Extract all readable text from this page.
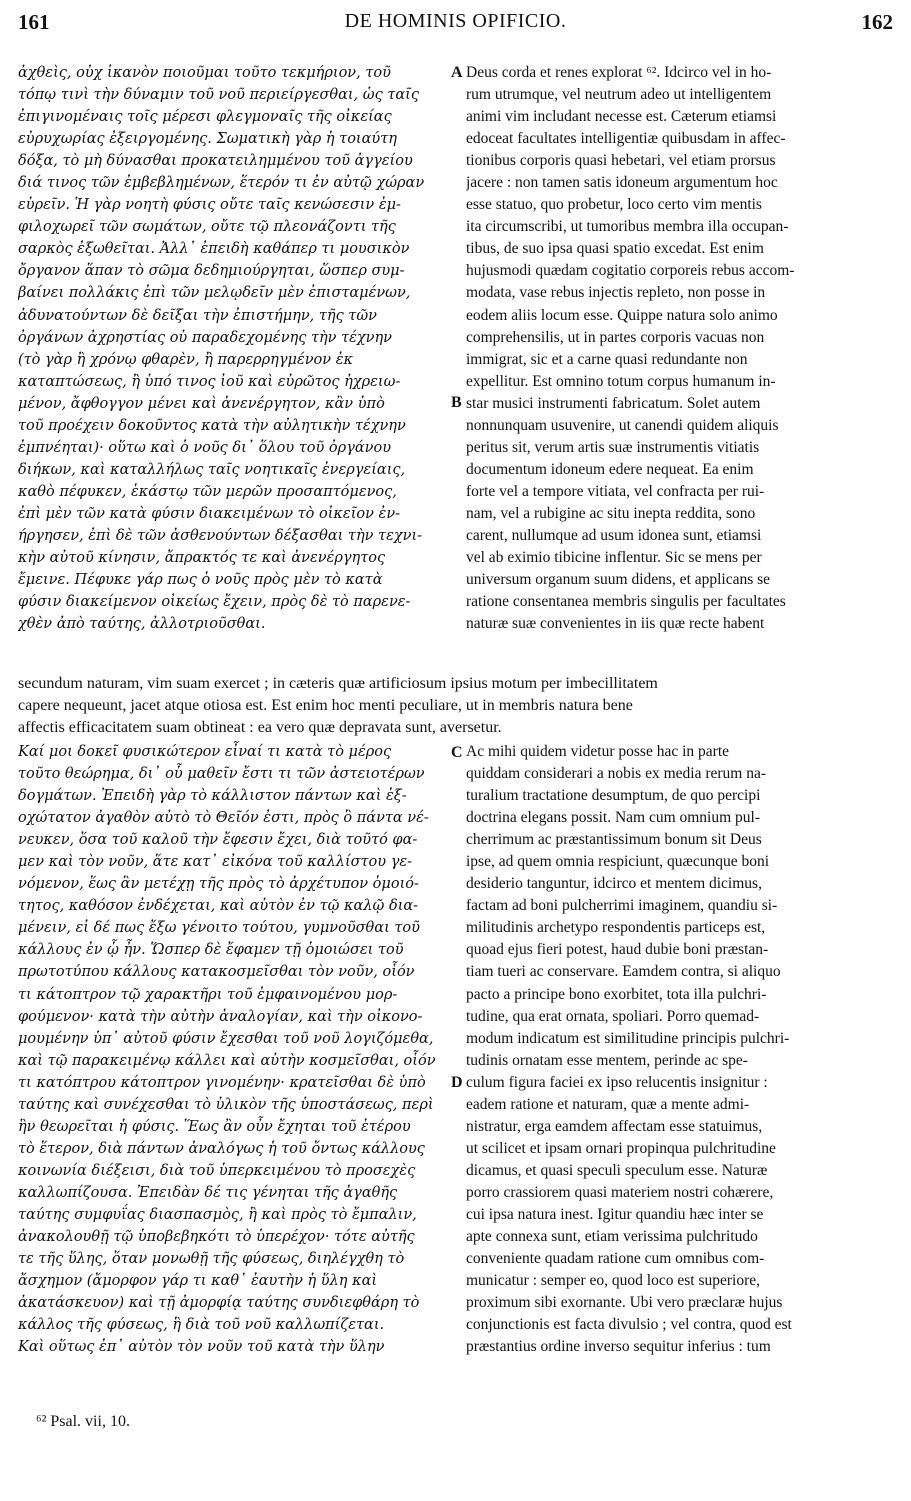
161	DE HOMINIS OPIFICIO.	162
ἀχθεὶς, οὐχ ἱκανὸν ποιοῦμαι τοῦτο τεκμήριον, τοῦ
τόπῳ τινὶ τὴν δύναμιν τοῦ νοῦ περιείργεσθαι, ὡς ταῖς
ἐπιγινομέναις τοῖς μέρεσι φλεγμοναῖς τῆς οἰκείας
εὐρυχωρίας ἐξειργομένης. Σωματικὴ γὰρ ἡ τοιαύτη
δόξα, τὸ μὴ δύνασθαι προκατειλημμένου τοῦ ἀγγείου
διά τινος τῶν ἐμβεβλημένων, ἕτερόν τι ἐν αὐτῷ χώραν
εὑρεῖν. Ἡ γὰρ νοητὴ φύσις οὔτε ταῖς κενώσεσιν ἐμ-
φιλοχωρεῖ τῶν σωμάτων, οὔτε τῷ πλεονάζοντι τῆς
σαρκὸς ἐξωθεῖται. Ἀλλ᾽ ἐπειδὴ καθάπερ τι μουσικὸν
ὄργανον ἅπαν τὸ σῶμα δεδημιούργηται, ὥσπερ συμ-
βαίνει πολλάκις ἐπὶ τῶν μελῳδεῖν μὲν ἐπισταμένων,
ἀδυνατούντων δὲ δεῖξαι τὴν ἐπιστήμην, τῆς τῶν
ὀργάνων ἀχρηστίας οὐ παραδεχομένης τὴν τέχνην
(τὸ γὰρ ἢ χρόνῳ φθαρὲν, ἢ παρερρηγμένον ἐκ
καταπτώσεως, ἢ ὑπό τινος ἰοῦ καὶ εὐρῶτος ἠχρειω-
μένον, ἄφθογγον μένει καὶ ἀνενέργητον, κἂν ὑπὸ
τοῦ προέχειν δοκοῦντος κατὰ τὴν αὐλητικὴν τέχνην
ἐμπνέηται)· οὕτω καὶ ὁ νοῦς δι᾽ ὅλου τοῦ ὀργάνου
διήκων, καὶ καταλλήλως ταῖς νοητικαῖς ἐνεργείαις,
καθὸ πέφυκεν, ἑκάστῳ τῶν μερῶν προσαπτόμενος,
ἐπὶ μὲν τῶν κατὰ φύσιν διακειμένων τὸ οἰκεῖον ἐν-
ήργησεν, ἐπὶ δὲ τῶν ἀσθενούντων δέξασθαι τὴν τεχνι-
κὴν αὐτοῦ κίνησιν, ἄπρακτός τε καὶ ἀνενέργητος
ἔμεινε. Πέφυκε γάρ πως ὁ νοῦς πρὸς μὲν τὸ κατὰ
φύσιν διακείμενον οἰκείως ἔχειν, πρὸς δὲ τὸ παρενε-
χθὲν ἀπὸ ταύτης, ἀλλοτριοῦσθαι.
Deus corda et renes explorat ⁶². Idcirco vel in ho-
rum utrumque, vel neutrum adeo ut intelligentem
animi vim includant necesse est. Cæterum etiamsi
edoceat facultates intelligentiæ quibusdam in affec-
tionibus corporis quasi hebetari, vel etiam prorsus
jacere : non tamen satis idoneum argumentum hoc
esse statuo, quo probetur, loco certo vim mentis
ita circumscribi, ut tumoribus membra illa occupan-
tibus, de suo ipsa quasi spatio excedat. Est enim
hujusmodi quædam cogitatio corporeis rebus accom-
modata, vase rebus injectis repleto, non posse in
eodem aliis locum esse. Quippe natura solo animo
comprehensilis, ut in partes corporis vacuas non
immigrat, sic et a carne quasi redundante non
expellitur. Est omnino totum corpus humanum in-
star musici instrumenti fabricatum. Solet autem
nonnunquam usuvenire, ut canendi quidem aliquis
peritus sit, verum artis suæ instrumentis vitiatis
documentum idoneum edere nequeat. Ea enim
forte vel a tempore vitiata, vel confracta per rui-
nam, vel a rubigine ac situ inepta reddita, sono
carent, nullumque ad usum idonea sunt, etiamsi
vel ab eximio tibicine inflentur. Sic se mens per
universum organum suum didens, et applicans se
ratione consentanea membris singulis per facultates
naturæ suæ convenientes in iis quæ recte habent
A
B
C
D
secundum naturam, vim suam exercet ; in cæteris quæ artificiosum ipsius motum per imbecillitatem
capere nequeunt, jacet atque otiosa est. Est enim hoc menti peculiare, ut in membris natura bene
affectis efficacitatem suam obtineat : ea vero quæ depravata sunt, aversetur.
Καί μοι δοκεῖ φυσικώτερον εἶναί τι κατὰ τὸ μέρος
τοῦτο θεώρημα, δι᾽ οὗ μαθεῖν ἔστι τι τῶν ἀστειοτέρων
δογμάτων. Ἐπειδὴ γὰρ τὸ κάλλιστον πάντων καὶ ἐξ-
οχώτατον ἀγαθὸν αὐτὸ τὸ Θεῖόν ἐστι, πρὸς ὃ πάντα νέ-
νευκεν, ὅσα τοῦ καλοῦ τὴν ἔφεσιν ἔχει, διὰ τοῦτό φα-
μεν καὶ τὸν νοῦν, ἅτε κατ᾽ εἰκόνα τοῦ καλλίστου γε-
νόμενον, ἕως ἂν μετέχῃ τῆς πρὸς τὸ ἀρχέτυπον ὁμοιό-
τητος, καθόσον ἐνδέχεται, καὶ αὐτὸν ἐν τῷ καλῷ δια-
μένειν, εἰ δέ πως ἔξω γένοιτο τούτου, γυμνοῦσθαι τοῦ
κάλλους ἐν ᾧ ἦν. Ὥσπερ δὲ ἔφαμεν τῇ ὁμοιώσει τοῦ
πρωτοτύπου κάλλους κατακοσμεῖσθαι τὸν νοῦν, οἷόν
τι κάτοπτρον τῷ χαρακτῆρι τοῦ ἐμφαινομένου μορ-
φούμενον· κατὰ τὴν αὐτὴν ἀναλογίαν, καὶ τὴν οἰκονο-
μουμένην ὑπ᾽ αὐτοῦ φύσιν ἔχεσθαι τοῦ νοῦ λογιζόμεθα,
καὶ τῷ παρακειμένῳ κάλλει καὶ αὐτὴν κοσμεῖσθαι, οἷόν
τι κατόπτρου κάτοπτρον γινομένην· κρατεῖσθαι δὲ ὑπὸ
ταύτης καὶ συνέχεσθαι τὸ ὑλικὸν τῆς ὑποστάσεως, περὶ
ἣν θεωρεῖται ἡ φύσις. Ἕως ἂν οὖν ἔχηται τοῦ ἑτέρου
τὸ ἕτερον, διὰ πάντων ἀναλόγως ἡ τοῦ ὄντως κάλλους
κοινωνία διέξεισι, διὰ τοῦ ὑπερκειμένου τὸ προσεχὲς
καλλωπίζουσα. Ἐπειδὰν δέ τις γένηται τῆς ἀγαθῆς
ταύτης συμφυΐας διασπασμὸς, ἢ καὶ πρὸς τὸ ἔμπαλιν,
ἀνακολουθῇ τῷ ὑποβεβηκότι τὸ ὑπερέχον· τότε αὐτῆς
τε τῆς ὕλης, ὅταν μονωθῇ τῆς φύσεως, διηλέγχθη τὸ
ἄσχημον (ἄμορφον γάρ τι καθ᾽ ἑαυτὴν ἡ ὕλη καὶ
ἀκατάσκευον) καὶ τῇ ἀμορφίᾳ ταύτης συνδιεφθάρη τὸ
κάλλος τῆς φύσεως, ἣ διὰ τοῦ νοῦ καλλωπίζεται.
Καὶ οὕτως ἐπ᾽ αὐτὸν τὸν νοῦν τοῦ κατὰ τὴν ὕλην
Ac mihi quidem videtur posse hac in parte
quiddam considerari a nobis ex media rerum na-
turalium tractatione desumptum, de quo percipi
doctrina elegans possit. Nam cum omnium pul-
cherrimum ac præstantissimum bonum sit Deus
ipse, ad quem omnia respiciunt, quæcunque boni
desiderio tanguntur, idcirco et mentem dicimus,
factam ad boni pulcherrimi imaginem, quandiu si-
militudinis archetypo respondentis particeps est,
quoad ejus fieri potest, haud dubie boni præstan-
tiam tueri ac conservare. Eamdem contra, si aliquo
pacto a principe bono exorbitet, tota illa pulchri-
tudine, qua erat ornata, spoliari. Porro quemad-
modum indicatum est similitudine principis pulchri-
tudinis ornatam esse mentem, perinde ac spe-
culum figura faciei ex ipso relucentis insignitur :
eadem ratione et naturam, quæ a mente admi-
nistratur, erga eamdem affectam esse statuimus,
ut scilicet et ipsam ornari propinqua pulchritudine
dicamus, et quasi speculi speculum esse. Naturæ
porro crassiorem quasi materiem nostri cohærere,
cui ipsa natura inest. Igitur quandiu hæc inter se
apte connexa sunt, etiam verissima pulchritudo
conveniente quadam ratione cum omnibus com-
municatur : semper eo, quod loco est superiore,
proximum sibi exornante. Ubi vero præclaræ hujus
conjunctionis est facta divulsio ; vel contra, quod est
præstantius ordine inverso sequitur inferius : tum
⁶² Psal. vii, 10.
